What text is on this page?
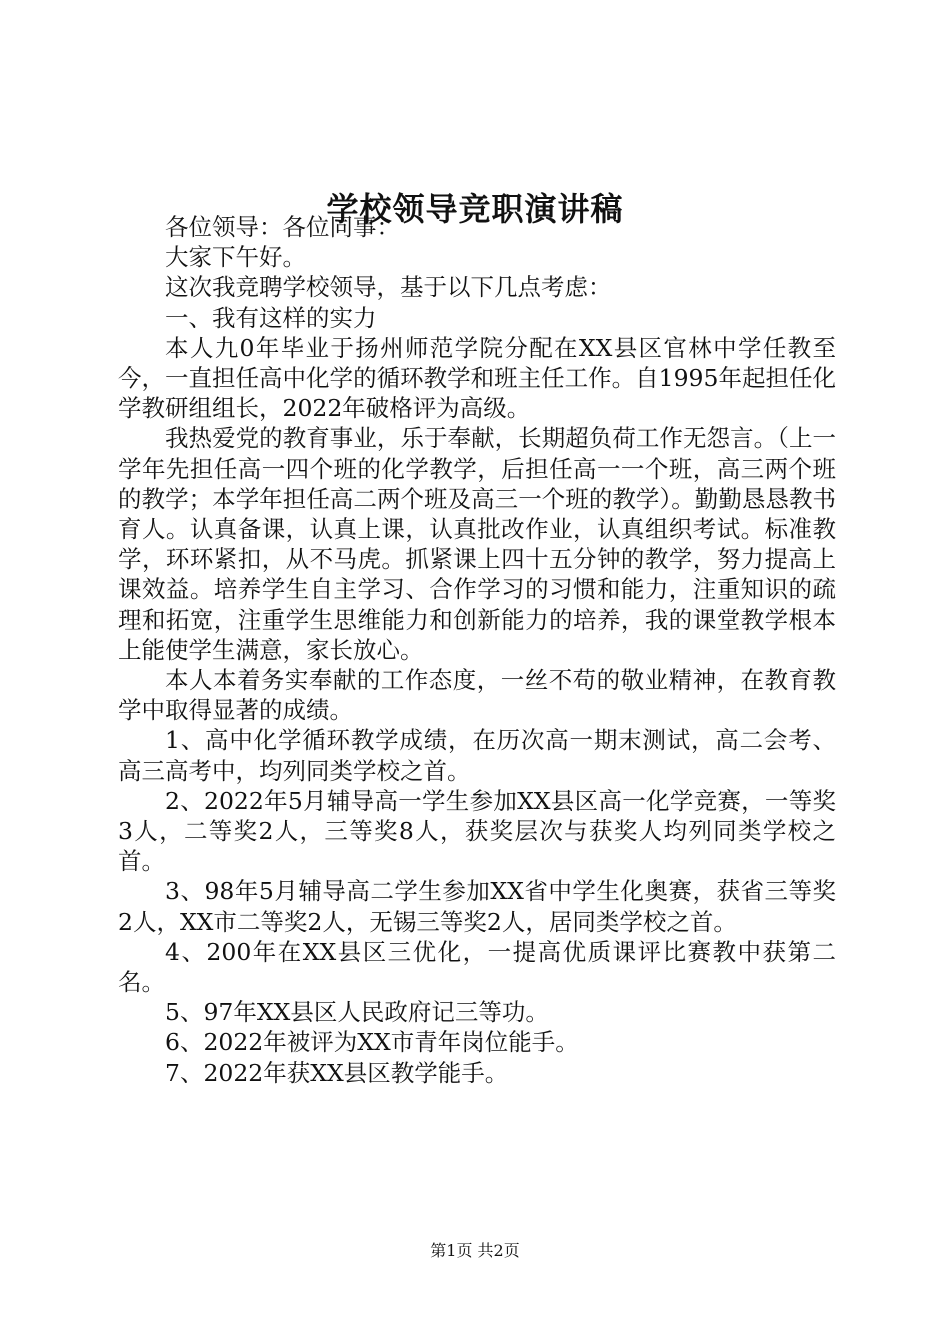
学校领导竞职演讲稿

各位领导：各位同事：

大家下午好。

这次我竞聘学校领导，基于以下几点考虑：

一、我有这样的实力

本人九0年毕业于扬州师范学院分配在XX县区官林中学任教至今，一直担任高中化学的循环教学和班主任工作。自1995年起担任化学教研组组长，2022年破格评为高级。

我热爱党的教育事业，乐于奉献，长期超负荷工作无怨言。（上一学年先担任高一四个班的化学教学，后担任高一一个班，高三两个班的教学；本学年担任高二两个班及高三一个班的教学）。勤勤恳恳教书育人。认真备课，认真上课，认真批改作业，认真组织考试。标准教学，环环紧扣，从不马虎。抓紧课上四十五分钟的教学，努力提高上课效益。培养学生自主学习、合作学习的习惯和能力，注重知识的疏理和拓宽，注重学生思维能力和创新能力的培养，我的课堂教学根本上能使学生满意，家长放心。

本人本着务实奉献的工作态度，一丝不苟的敬业精神，在教育教学中取得显著的成绩。

1、高中化学循环教学成绩，在历次高一期末测试，高二会考、高三高考中，均列同类学校之首。

2、2022年5月辅导高一学生参加XX县区高一化学竞赛，一等奖3人，二等奖2人，三等奖8人，获奖层次与获奖人均列同类学校之首。

3、98年5月辅导高二学生参加XX省中学生化奥赛，获省三等奖2人，XX市二等奖2人，无锡三等奖2人，居同类学校之首。

4、200年在XX县区三优化，一提高优质课评比赛教中获第二名。

5、97年XX县区人民政府记三等功。

6、2022年被评为XX市青年岗位能手。

7、2022年获XX县区教学能手。

第1页 共2页
